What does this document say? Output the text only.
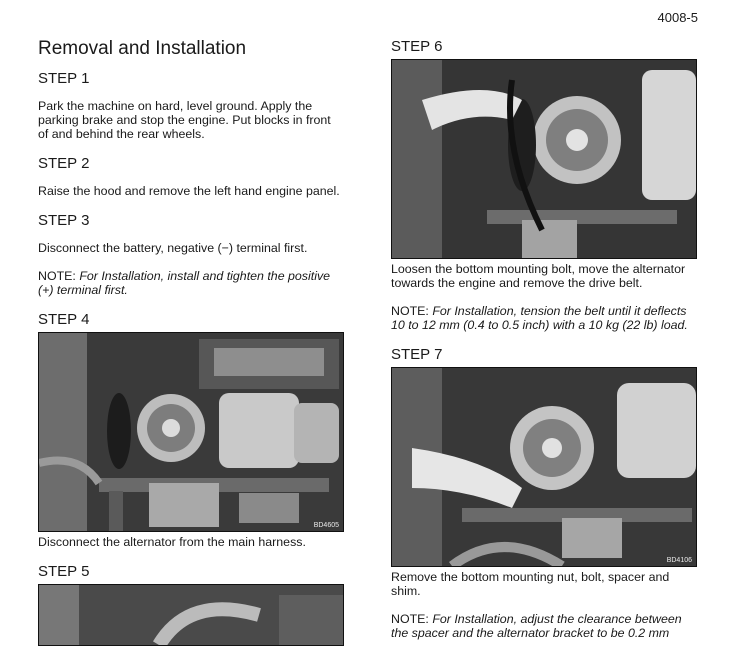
4008-5
Removal and Installation
STEP 1

Park the machine on hard, level ground. Apply the parking brake and stop the engine. Put blocks in front of and behind the rear wheels.

STEP 2

Raise the hood and remove the left hand engine panel.

STEP 3

Disconnect the battery, negative (−) terminal first.

NOTE: For Installation, install and tighten the positive (+) terminal first.

STEP 4
BD4605

Disconnect the alternator from the main harness.

STEP 5
STEP 6

Loosen the bottom mounting bolt, move the alternator towards the engine and remove the drive belt.

NOTE: For Installation, tension the belt until it deflects 10 to 12 mm (0.4 to 0.5 inch) with a 10 kg (22 lb) load.

STEP 7
BD4106

Remove the bottom mounting nut, bolt, spacer and shim.

NOTE: For Installation, adjust the clearance between the spacer and the alternator bracket to be 0.2 mm
